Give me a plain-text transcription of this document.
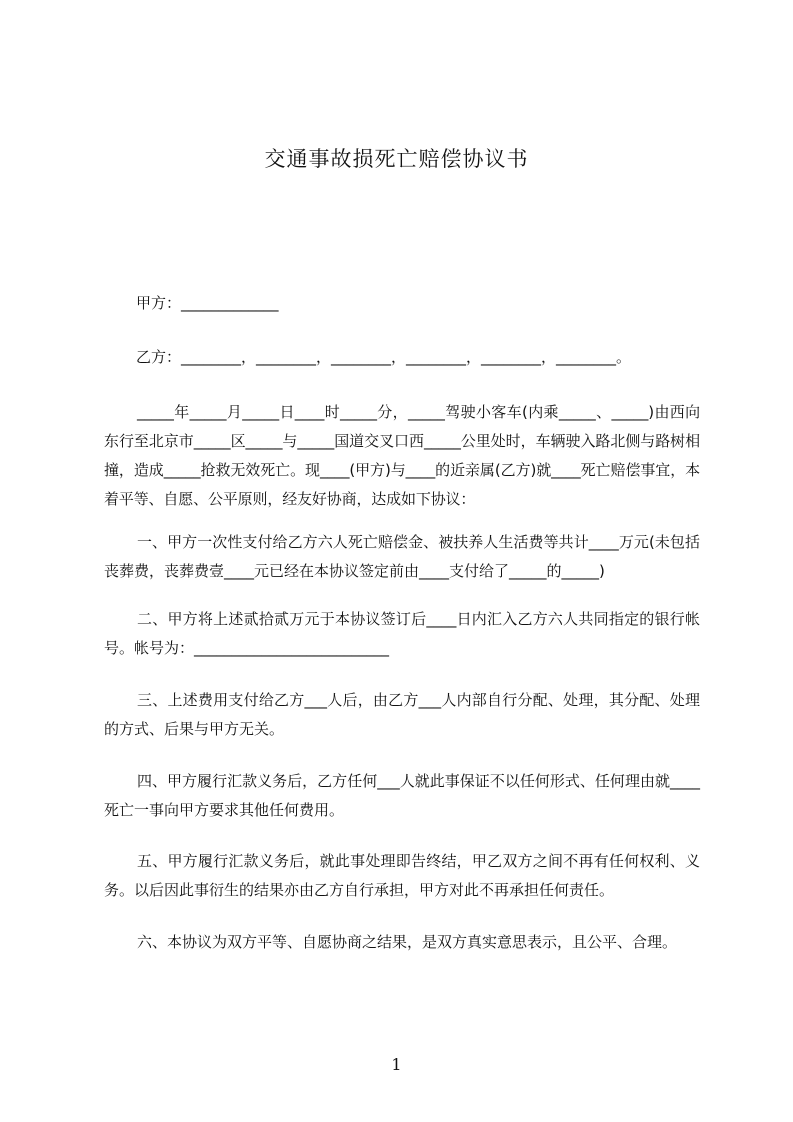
交通事故损死亡赔偿协议书
甲方：_____________
乙方：________，________，________，________，________，________。
_____年_____月_____日____时_____分，_____驾驶小客车(内乘_____、_____)由西向东行至北京市_____区_____与_____国道交叉口西_____公里处时，车辆驶入路北侧与路树相撞，造成_____抢救无效死亡。现____(甲方)与____的近亲属(乙方)就____死亡赔偿事宜，本着平等、自愿、公平原则，经友好协商，达成如下协议：
一、甲方一次性支付给乙方六人死亡赔偿金、被扶养人生活费等共计____万元(未包括丧葬费，丧葬费壹____元已经在本协议签定前由____支付给了_____的_____)
二、甲方将上述贰拾贰万元于本协议签订后____日内汇入乙方六人共同指定的银行帐号。帐号为：__________________________
三、上述费用支付给乙方___人后，由乙方___人内部自行分配、处理，其分配、处理的方式、后果与甲方无关。
四、甲方履行汇款义务后，乙方任何___人就此事保证不以任何形式、任何理由就____死亡一事向甲方要求其他任何费用。
五、甲方履行汇款义务后，就此事处理即告终结，甲乙双方之间不再有任何权利、义务。以后因此事衍生的结果亦由乙方自行承担，甲方对此不再承担任何责任。
六、本协议为双方平等、自愿协商之结果，是双方真实意思表示，且公平、合理。
1
